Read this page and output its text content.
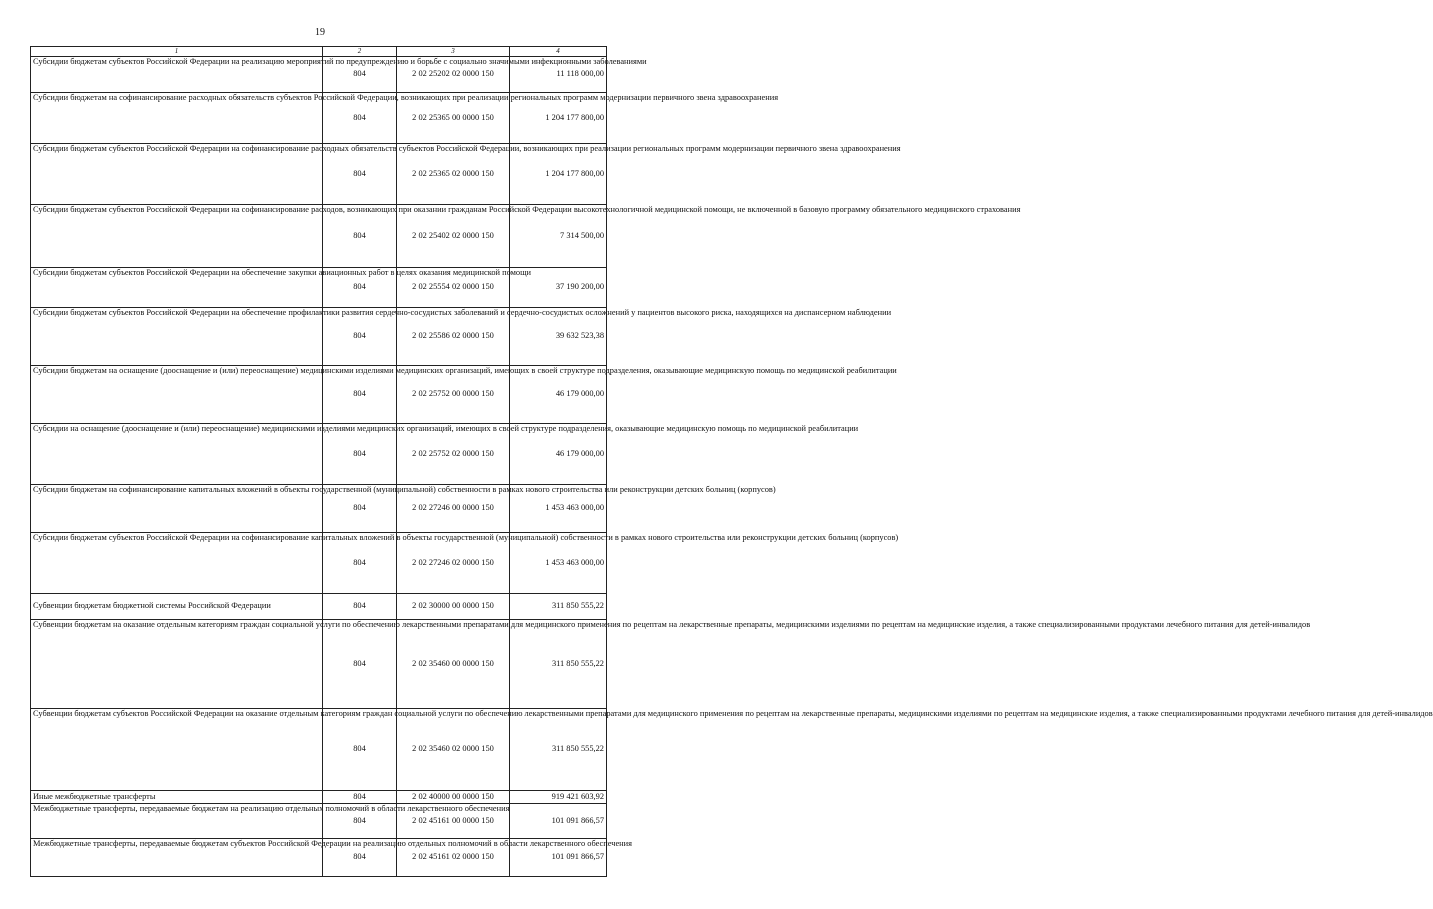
19
1	2	3	4
Субсидии бюджетам субъектов Российской Федерации на реализацию мероприятий по предупреждению и борьбе с социально значимыми инфекционными заболеваниями	804	2 02 25202 02 0000 150	11 118 000,00
Субсидии бюджетам на софинансирование расходных обязательств субъектов Российской Федерации, возникающих при реализации региональных программ модернизации первичного звена здравоохранения	804	2 02 25365 00 0000 150	1 204 177 800,00
Субсидии бюджетам субъектов Российской Федерации на софинансирование расходных обязательств субъектов Российской Федерации, возникающих при реализации региональных программ модернизации первичного звена здравоохранения	804	2 02 25365 02 0000 150	1 204 177 800,00
Субсидии бюджетам субъектов Российской Федерации на софинансирование расходов, возникающих при оказании гражданам Российской Федерации высокотехнологичной медицинской помощи, не включенной в базовую программу обязательного медицинского страхования	804	2 02 25402 02 0000 150	7 314 500,00
Субсидии бюджетам субъектов Российской Федерации на обеспечение закупки авиационных работ в целях оказания медицинской помощи	804	2 02 25554 02 0000 150	37 190 200,00
Субсидии бюджетам субъектов Российской Федерации на обеспечение профилактики развития сердечно-сосудистых заболеваний и сердечно-сосудистых осложнений у пациентов высокого риска, находящихся на диспансерном наблюдении	804	2 02 25586 02 0000 150	39 632 523,38
Субсидии бюджетам на оснащение (дооснащение и (или) переоснащение) медицинскими изделиями медицинских организаций, имеющих в своей структуре подразделения, оказывающие медицинскую помощь по медицинской реабилитации	804	2 02 25752 00 0000 150	46 179 000,00
Субсидии на оснащение (дооснащение и (или) переоснащение) медицинскими изделиями медицинских организаций, имеющих в своей структуре подразделения, оказывающие медицинскую помощь по медицинской реабилитации	804	2 02 25752 02 0000 150	46 179 000,00
Субсидии бюджетам на софинансирование капитальных вложений в объекты государственной (муниципальной) собственности в рамках нового строительства или реконструкции детских больниц (корпусов)	804	2 02 27246 00 0000 150	1 453 463 000,00
Субсидии бюджетам субъектов Российской Федерации на софинансирование капитальных вложений в объекты государственной (муниципальной) собственности в рамках нового строительства или реконструкции детских больниц (корпусов)	804	2 02 27246 02 0000 150	1 453 463 000,00
Субвенции бюджетам бюджетной системы Российской Федерации	804	2 02 30000 00 0000 150	311 850 555,22
Субвенции бюджетам на оказание отдельным категориям граждан социальной услуги по обеспечению лекарственными препаратами для медицинского применения по рецептам на лекарственные препараты, медицинскими изделиями по рецептам на медицинские изделия, а также специализированными продуктами лечебного питания для детей-инвалидов	804	2 02 35460 00 0000 150	311 850 555,22
Субвенции бюджетам субъектов Российской Федерации на оказание отдельным категориям граждан социальной услуги по обеспечению лекарственными препаратами для медицинского применения по рецептам на лекарственные препараты, медицинскими изделиями по рецептам на медицинские изделия, а также специализированными продуктами лечебного питания для детей-инвалидов	804	2 02 35460 02 0000 150	311 850 555,22
Иные межбюджетные трансферты	804	2 02 40000 00 0000 150	919 421 603,92
Межбюджетные трансферты, передаваемые бюджетам на реализацию отдельных полномочий в области лекарственного обеспечения	804	2 02 45161 00 0000 150	101 091 866,57
Межбюджетные трансферты, передаваемые бюджетам субъектов Российской Федерации на реализацию отдельных полномочий в области лекарственного обеспечения	804	2 02 45161 02 0000 150	101 091 866,57
